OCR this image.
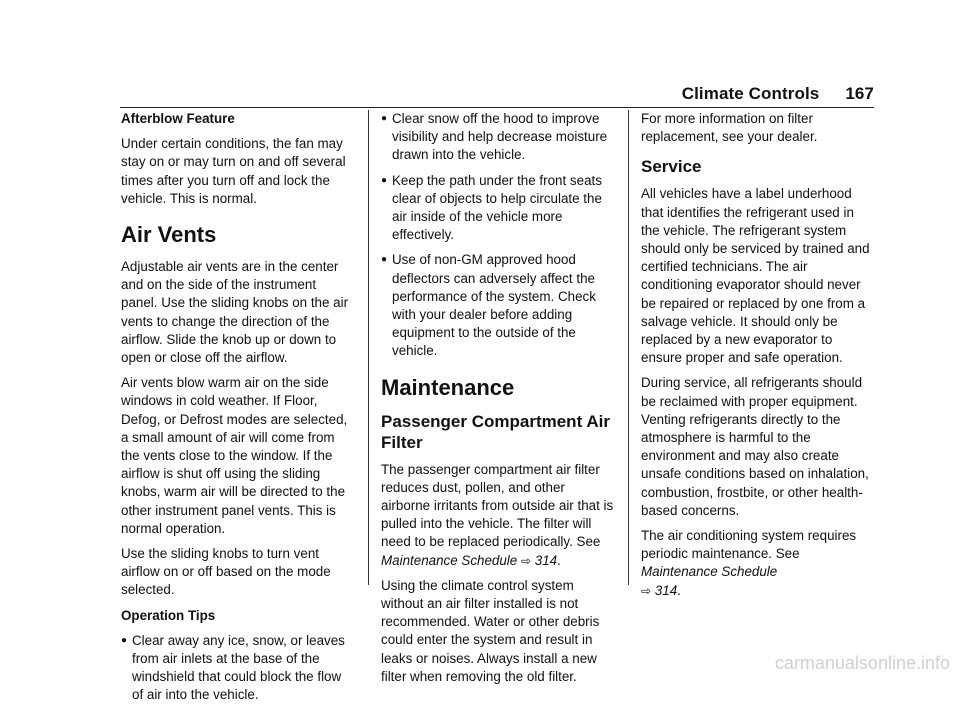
Climate Controls 167

Afterblow Feature

Under certain conditions, the fan may stay on or may turn on and off several times after you turn off and lock the vehicle. This is normal.

Air Vents

Adjustable air vents are in the center and on the side of the instrument panel. Use the sliding knobs on the air vents to change the direction of the airflow. Slide the knob up or down to open or close off the airflow.

Air vents blow warm air on the side windows in cold weather. If Floor, Defog, or Defrost modes are selected, a small amount of air will come from the vents close to the window. If the airflow is shut off using the sliding knobs, warm air will be directed to the other instrument panel vents. This is normal operation.

Use the sliding knobs to turn vent airflow on or off based on the mode selected.

Operation Tips

● Clear away any ice, snow, or leaves from air inlets at the base of the windshield that could block the flow of air into the vehicle.
● Clear snow off the hood to improve visibility and help decrease moisture drawn into the vehicle.
● Keep the path under the front seats clear of objects to help circulate the air inside of the vehicle more effectively.
● Use of non-GM approved hood deflectors can adversely affect the performance of the system. Check with your dealer before adding equipment to the outside of the vehicle.
Maintenance
Passenger Compartment Air Filter

The passenger compartment air filter reduces dust, pollen, and other airborne irritants from outside air that is pulled into the vehicle. The filter will need to be replaced periodically. See Maintenance Schedule ⇨ 314.

Using the climate control system without an air filter installed is not recommended. Water or other debris could enter the system and result in leaks or noises. Always install a new filter when removing the old filter.

For more information on filter replacement, see your dealer.

Service

All vehicles have a label underhood that identifies the refrigerant used in the vehicle. The refrigerant system should only be serviced by trained and certified technicians. The air conditioning evaporator should never be repaired or replaced by one from a salvage vehicle. It should only be replaced by a new evaporator to ensure proper and safe operation.

During service, all refrigerants should be reclaimed with proper equipment. Venting refrigerants directly to the atmosphere is harmful to the environment and may also create unsafe conditions based on inhalation, combustion, frostbite, or other health-based concerns.

The air conditioning system requires periodic maintenance. See Maintenance Schedule
⇨ 314.

carmanualsonline.info
